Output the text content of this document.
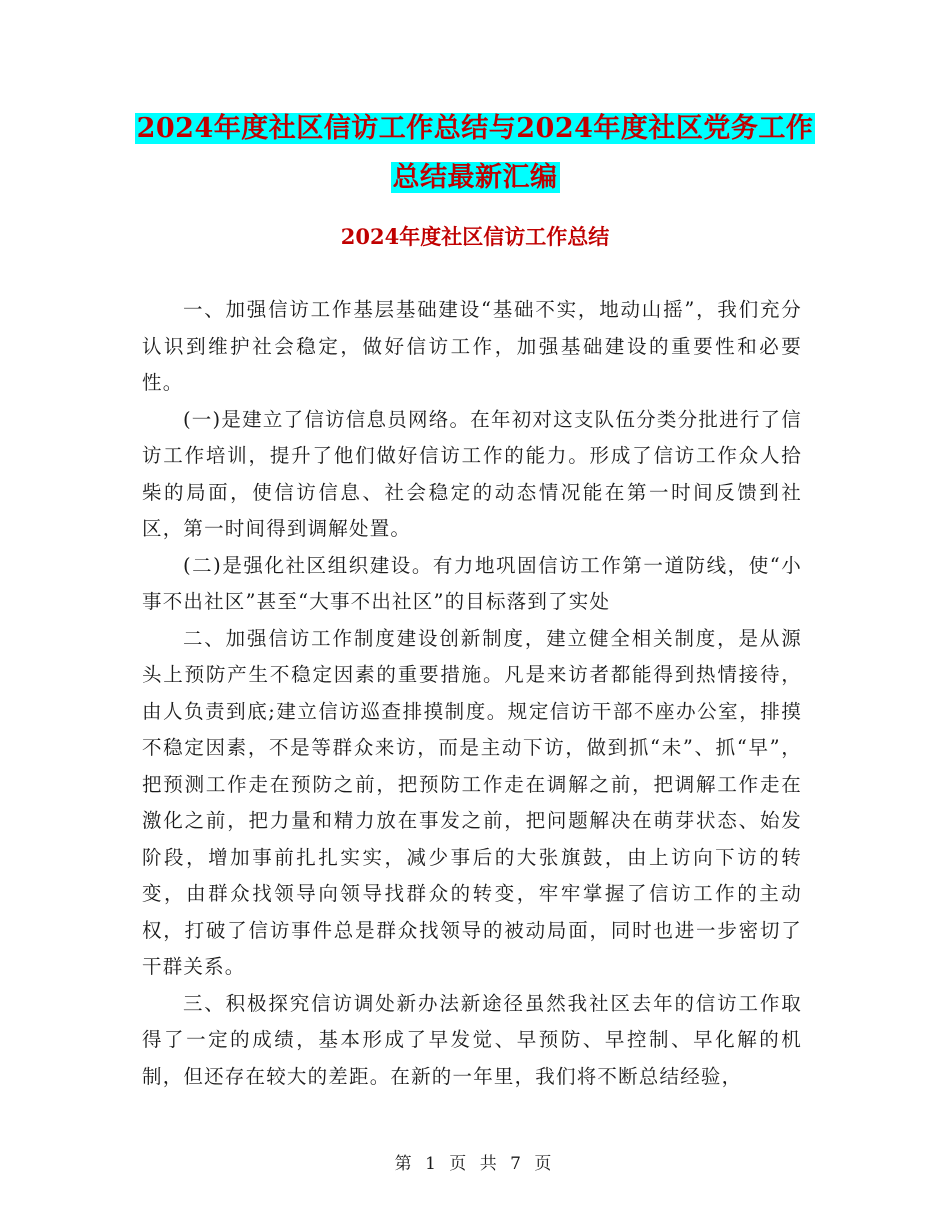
2024年度社区信访工作总结与2024年度社区党务工作
总结最新汇编
2024年度社区信访工作总结

一、加强信访工作基层基础建设“基础不实，地动山摇”，我们充分认识到维护社会稳定，做好信访工作，加强基础建设的重要性和必要性。

(一)是建立了信访信息员网络。在年初对这支队伍分类分批进行了信访工作培训，提升了他们做好信访工作的能力。形成了信访工作众人拾柴的局面，使信访信息、社会稳定的动态情况能在第一时间反馈到社区，第一时间得到调解处置。

(二)是强化社区组织建设。有力地巩固信访工作第一道防线，使“小事不出社区”甚至“大事不出社区”的目标落到了实处

二、加强信访工作制度建设创新制度，建立健全相关制度，是从源头上预防产生不稳定因素的重要措施。凡是来访者都能得到热情接待，由人负责到底;建立信访巡查排摸制度。规定信访干部不座办公室，排摸不稳定因素，不是等群众来访，而是主动下访，做到抓“未”、抓“早”，把预测工作走在预防之前，把预防工作走在调解之前，把调解工作走在激化之前，把力量和精力放在事发之前，把问题解决在萌芽状态、始发阶段，增加事前扎扎实实，减少事后的大张旗鼓，由上访向下访的转变，由群众找领导向领导找群众的转变，牢牢掌握了信访工作的主动权，打破了信访事件总是群众找领导的被动局面，同时也进一步密切了干群关系。

三、积极探究信访调处新办法新途径虽然我社区去年的信访工作取得了一定的成绩，基本形成了早发觉、早预防、早控制、早化解的机制，但还存在较大的差距。在新的一年里，我们将不断总结经验，

第 1 页 共 7 页
